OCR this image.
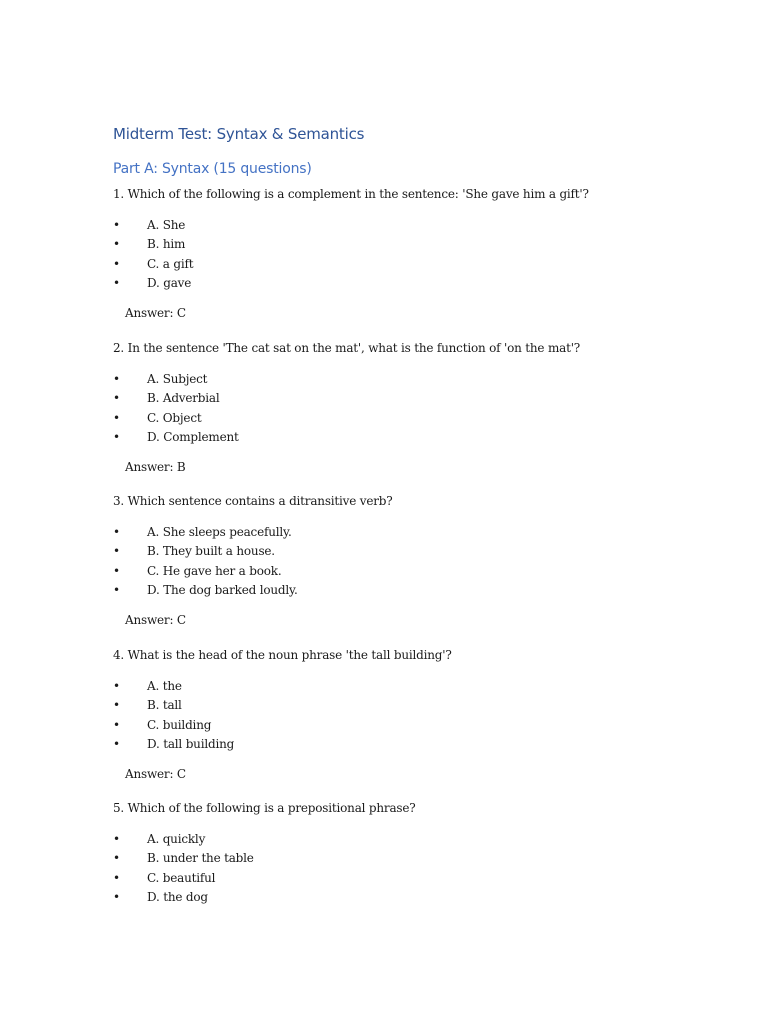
Midterm Test: Syntax & Semantics
Part A: Syntax (15 questions)

1. Which of the following is a complement in the sentence: 'She gave him a gift'?

• A. She
• B. him
• C. a gift
• D. gave

Answer: C

2. In the sentence 'The cat sat on the mat', what is the function of 'on the mat'?

• A. Subject
• B. Adverbial
• C. Object
• D. Complement

Answer: B

3. Which sentence contains a ditransitive verb?

• A. She sleeps peacefully.
• B. They built a house.
• C. He gave her a book.
• D. The dog barked loudly.

Answer: C

4. What is the head of the noun phrase 'the tall building'?

• A. the
• B. tall
• C. building
• D. tall building

Answer: C

5. Which of the following is a prepositional phrase?

• A. quickly
• B. under the table
• C. beautiful
• D. the dog
